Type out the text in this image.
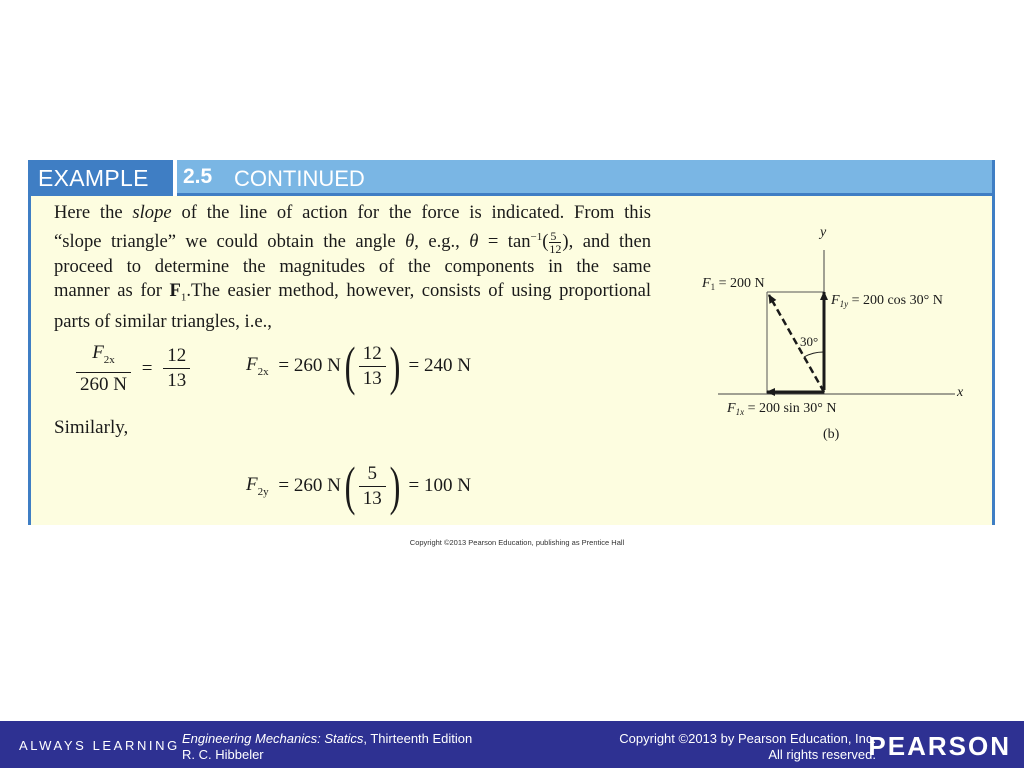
EXAMPLE	2.5 CONTINUED
Here the slope of the line of action for the force is indicated. From this
“slope triangle” we could obtain the angle θ, e.g., $\theta = \tan^{-1}( \frac{5}{12}$ ), and then
proceed to determine the magnitudes of the components in the same
manner as for $F_1.The$ easier method, however, consists of using proportional
parts of similar triangles, i.e.,
$\frac{F_{2x}}{260 N} = \frac{12}{13}$	$F_{2x} = 260$ $N( \frac{12}{13}$ ) = 240 N
Similarly,
$F_{2y} = 260$ $N( \frac{5}{13}$ ) = 100 N
y
x
30°
$F_1 = 200$ N
$F_{1y} = 200$ cos 30° N
$F_{1x} = 200$ sin 30° N
(b)
Copyright ©2013 Pearson Education, publishing as Prentice Hall
ALWAYS LEARNING Engineering Mechanics: Statics, Thirteenth Edition
R. C. Hibbeler
Copyright ©2013 by Pearson Education, Inc.
All rights reserved.
PEARSON
